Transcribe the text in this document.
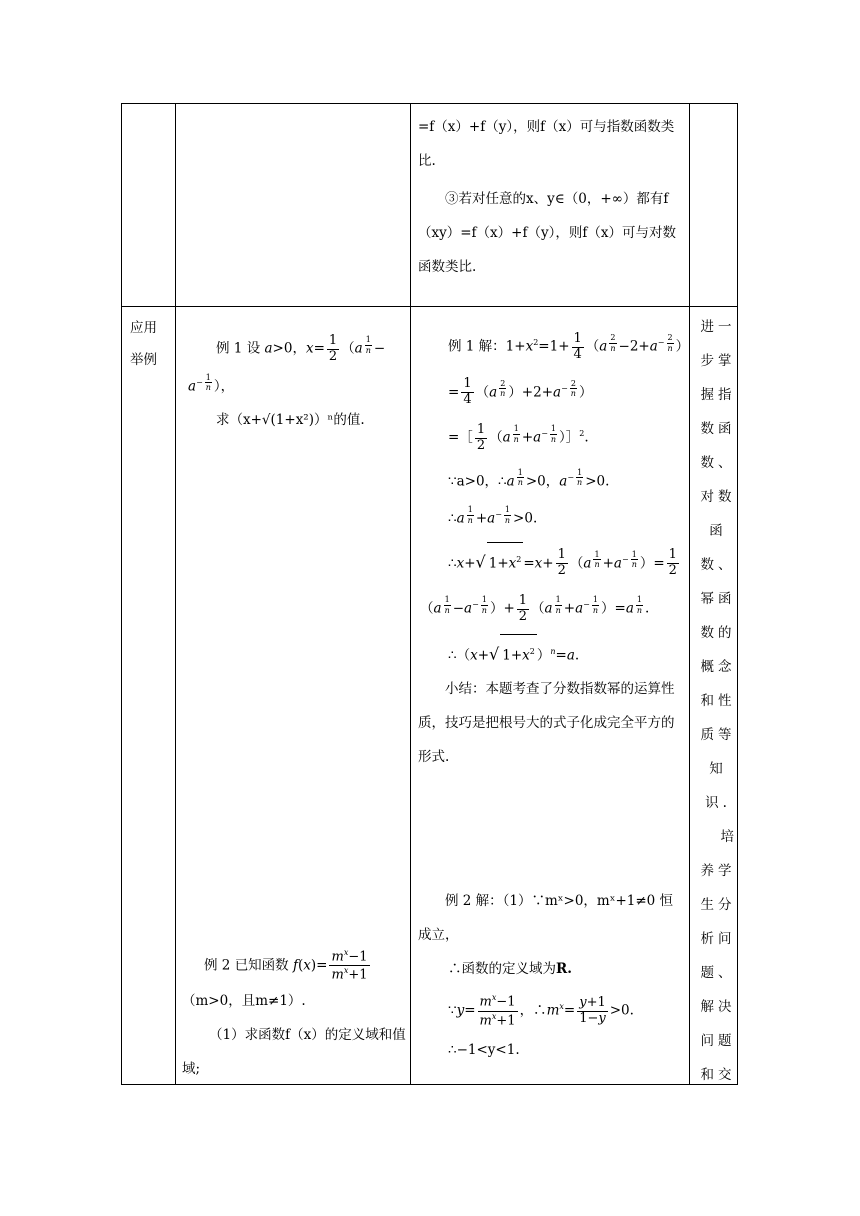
=f（x）+f（y），则f（x）可与指数函数类比.
③若对任意的x、y∈（0，+∞）都有f（xy）=f（x）+f（y），则f（x）可与对数函数类比.
应用举例
例 1 设 a>0，$x= \frac{1}{2} (a$ $^{\frac{1}{n}}$ −
$a^{- \frac{1}{n}}$ ），
求（x+√(1+x²)）ⁿ的值.
例 2 已知函数 $f(x)= \frac{m^x-1}{m^x+1}$
（m>0，且m≠1）.
（1）求函数f（x）的定义域和值域;
例 1 解：$1+x^2=1+ \frac{1}{4} (a$ $^{\frac{2}{n}} -2+a^{- \frac{2}{n}}$ ）
= $\frac{1}{4} (a$ $^{\frac{2}{n}}$ ）$+2+a^{- \frac{2}{n}}$ ）
=［ $\frac{1}{2} (a$ $^{\frac{1}{n}} +a^{- \frac{1}{n}}$ ）］$^2$.
∵a>0，∴a $^{\frac{1}{n}}$ >0，$a^{- \frac{1}{n}} >0$.
∴a $^{\frac{1}{n}} +a^{- \frac{1}{n}} >0$.
∴x+√ $1+x^2 =x+ \frac{1}{2} (a$ $^{\frac{1}{n}} +a^{- \frac{1}{n}}$ ）= $\frac{1}{2}$
（a $^{\frac{1}{n}} -a^{- \frac{1}{n}}$ ）+ $\frac{1}{2} (a$ $^{\frac{1}{n}} +a^{- \frac{1}{n}}$ ）=a $^{\frac{1}{n}}$ .
∴（x+√ $1+x^2$ ）$^n$=a.
小结：本题考查了分数指数幂的运算性质，技巧是把根号大的式子化成完全平方的形式.
例 2 解：（1）∵mˣ>0，mˣ+1≠0 恒成立，
∴函数的定义域为R.
∵y= $\frac{m^x-1}{m^x+1}$ ，$\therefore m^x= \frac{y+1}{1-y} >0$.
∴−1<y<1.
进一
步掌
握指
数函
数、
对数
函
数、
幂函
数的
概念
和性
质等
知
识.
培
养学
生分
析问
题、
解决
问题
和交
